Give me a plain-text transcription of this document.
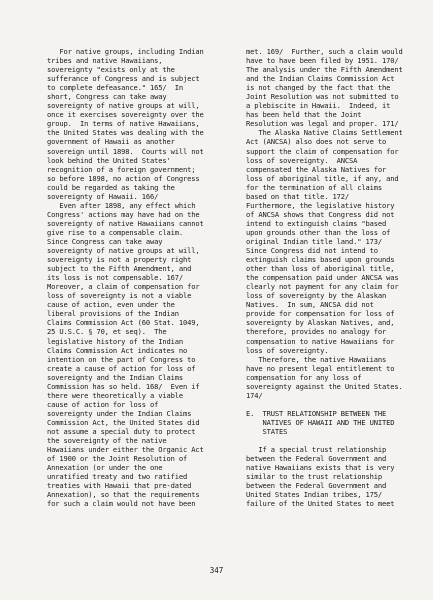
For native groups, including Indian
tribes and native Hawaiians,
sovereignty "exists only at the
sufferance of Congress and is subject
to complete defeasance." 165/  In
short, Congress can take away
sovereignty of native groups at will,
once it exercises sovereignty over the
group.  In terms of native Hawaiians,
the United States was dealing with the
government of Hawaii as another
sovereign until 1898.  Courts will not
look behind the United States'
recognition of a foreign government;
so before 1898, no action of Congress
could be regarded as taking the
sovereignty of Hawaii. 166/
Even after 1898, any effect which
Congress' actions may have had on the
sovereignty of native Hawaiians cannot
give rise to a compensable claim.
Since Congress can take away
sovereignty of native groups at will,
sovereignty is not a property right
subject to the Fifth Amendment, and
its loss is not compensable. 167/
Moreover, a claim of compensation for
loss of sovereignty is not a viable
cause of action, even under the
liberal provisions of the Indian
Claims Commission Act (60 Stat. 1049,
25 U.S.C. § 70, et seq).  The
legislative history of the Indian
Claims Commission Act indicates no
intention on the part of Congress to
create a cause of action for loss of
sovereignty and the Indian Claims
Commission has so held. 168/  Even if
there were theoretically a viable
cause of action for loss of
sovereignty under the Indian Claims
Commission Act, the United States did
not assume a special duty to protect
the sovereignty of the native
Hawaiians under either the Organic Act
of 1900 or the Joint Resolution of
Annexation (or under the one
unratified treaty and two ratified
treaties with Hawaii that pre-dated
Annexation), so that the requirements
for such a claim would not have been
met. 169/  Further, such a claim would
have to have been filed by 1951. 170/
The analysis under the Fifth Amendment
and the Indian Claims Commission Act
is not changed by the fact that the
Joint Resolution was not submitted to
a plebiscite in Hawaii.  Indeed, it
has been held that the Joint
Resolution was legal and proper. 171/
The Alaska Native Claims Settlement
Act (ANCSA) also does not serve to
support the claim of compensation for
loss of sovereignty.  ANCSA
compensated the Alaska Natives for
loss of aboriginal title, if any, and
for the termination of all claims
based on that title. 172/
Furthermore, the legislative history
of ANCSA shows that Congress did not
intend to extinguish claims "based
upon grounds other than the loss of
original Indian title land." 173/
Since Congress did not intend to
extinguish claims based upon grounds
other than loss of aboriginal title,
the compensation paid under ANCSA was
clearly not payment for any claim for
loss of sovereignty by the Alaskan
Natives.  In sum, ANCSA did not
provide for compensation for loss of
sovereignty by Alaskan Natives, and,
therefore, provides no analogy for
compensation to native Hawaiians for
loss of sovereignty.
Therefore, the native Hawaiians
have no present legal entitlement to
compensation for any loss of
sovereignty against the United States.
174/
E.  TRUST RELATIONSHIP BETWEEN THE
NATIVES OF HAWAII AND THE UNITED
STATES
If a special trust relationship
between the Federal Government and
native Hawaiians exists that is very
similar to the trust relationship
between the Federal Government and
United States Indian tribes, 175/
failure of the United States to meet
347
